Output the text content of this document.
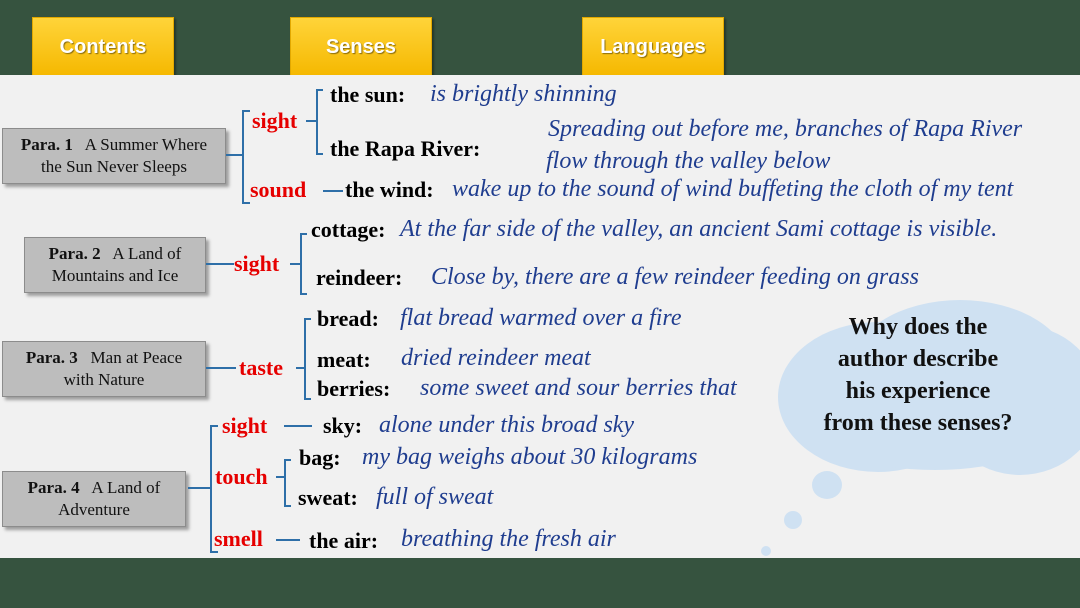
Contents	Senses	Languages
Why does the
author describe
his experience
from these senses?
Para. 1 A Summer Where
the Sun Never Sleeps
sight
the sun: is brightly shinning
the Rapa River:
Spreading out before me, branches of Rapa River
flow through the valley below
sound the wind: wake up to the sound of wind buffeting the cloth of my tent
Para. 2 A Land of
Mountains and Ice	sight
cottage: At the far side of the valley, an ancient Sami cottage is visible.
reindeer: Close by, there are a few reindeer feeding on grass
Para. 3 Man at Peace
with Nature	taste
bread: flat bread warmed over a fire
meat: dried reindeer meat
berries: some sweet and sour berries that
Para. 4 A Land of
Adventure
sight	sky: alone under this broad sky
touch
bag: my bag weighs about 30 kilograms
sweat: full of sweat
smell the air: breathing the fresh air
